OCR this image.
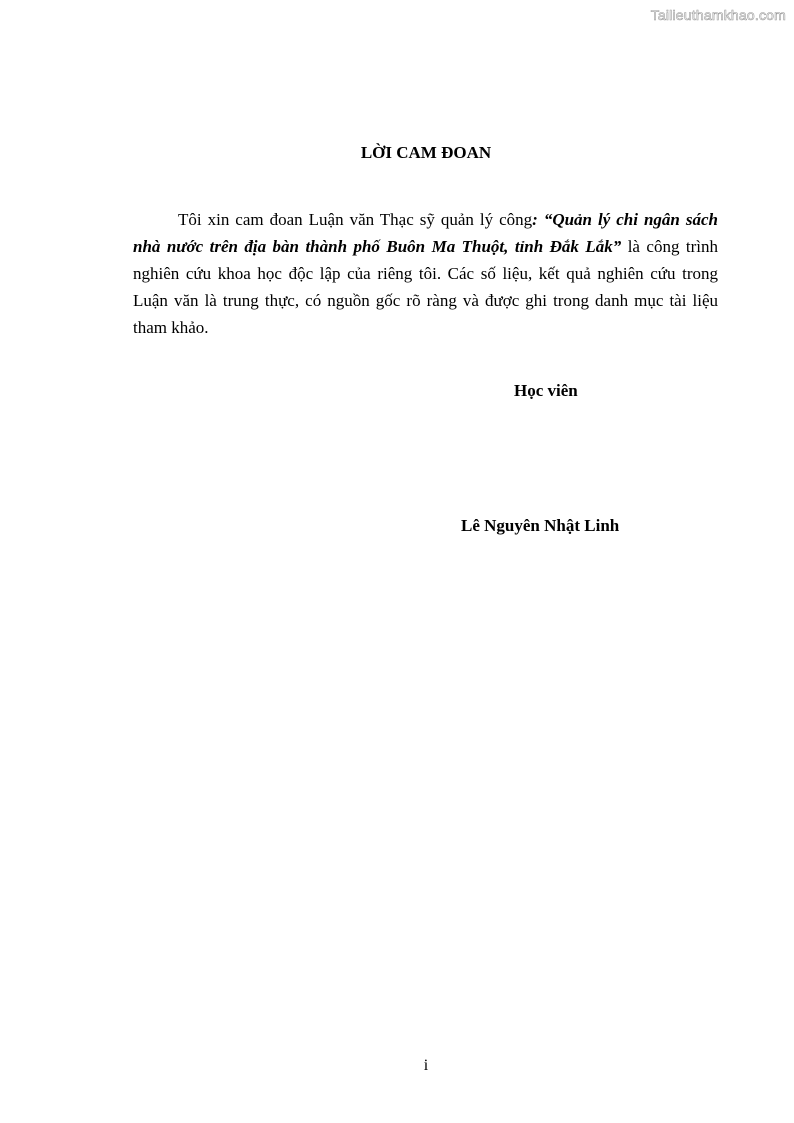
Tailieuthamkhao.com
LỜI CAM ĐOAN

Tôi xin cam đoan Luận văn Thạc sỹ quản lý công: “Quản lý chi ngân sách nhà nước trên địa bàn thành phố Buôn Ma Thuột, tỉnh Đắk Lắk” là công trình nghiên cứu khoa học độc lập của riêng tôi. Các số liệu, kết quả nghiên cứu trong Luận văn là trung thực, có nguồn gốc rõ ràng và được ghi trong danh mục tài liệu tham khảo.

Học viên
Lê Nguyên Nhật Linh
i
